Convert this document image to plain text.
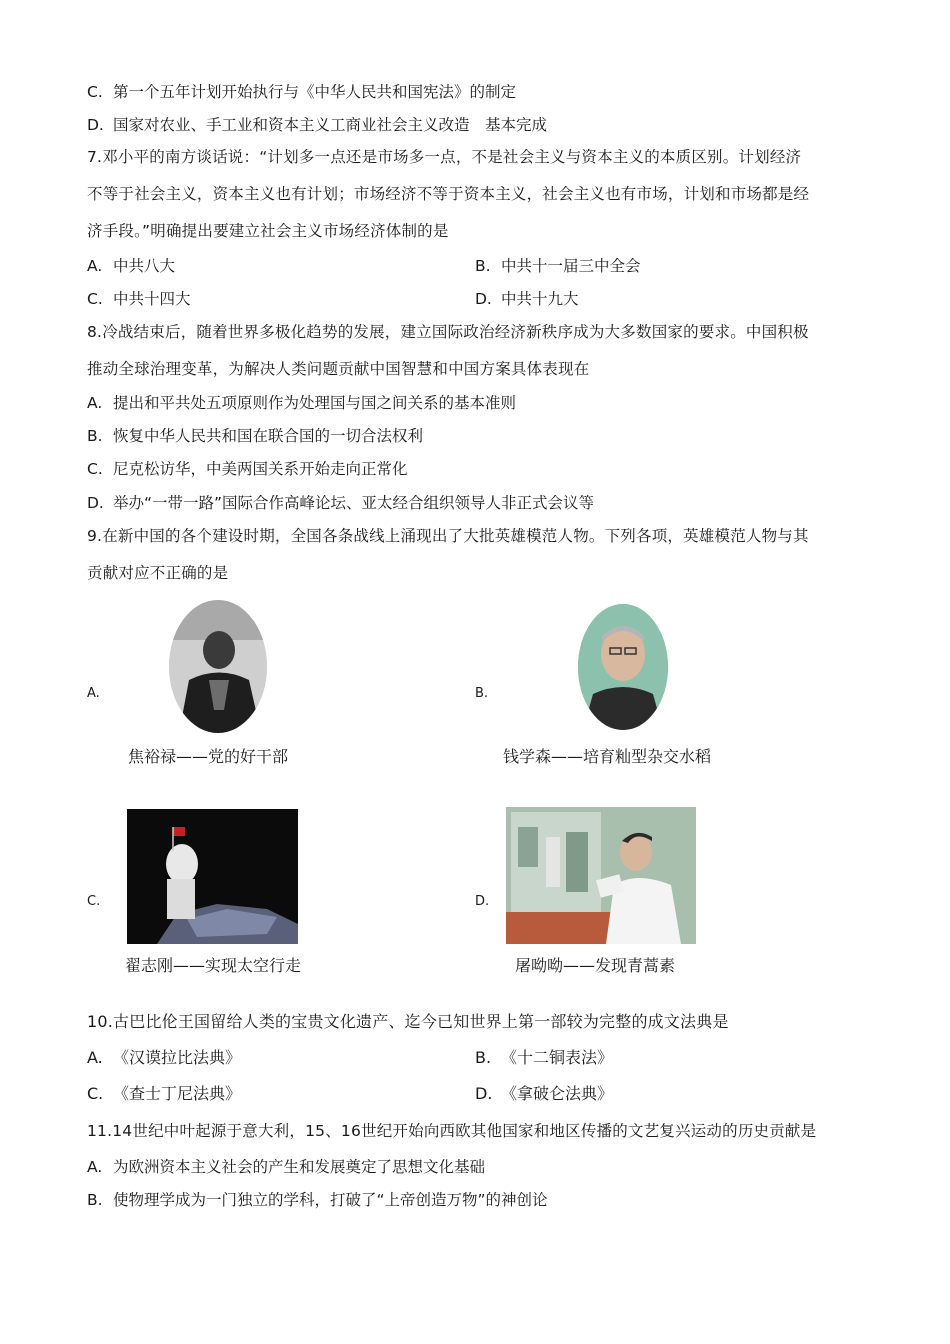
C. 第一个五年计划开始执行与《中华人民共和国宪法》的制定
D. 国家对农业、手工业和资本主义工商业社会主义改造　基本完成
7.邓小平的南方谈话说：“计划多一点还是市场多一点，不是社会主义与资本主义的本质区别。计划经济
不等于社会主义，资本主义也有计划；市场经济不等于资本主义，社会主义也有市场，计划和市场都是经
济手段。”明确提出要建立社会主义市场经济体制的是
A. 中共八大	B. 中共十一届三中全会
C. 中共十四大	D. 中共十九大
8.冷战结束后，随着世界多极化趋势的发展，建立国际政治经济新秩序成为大多数国家的要求。中国积极
推动全球治理变革，为解决人类问题贡献中国智慧和中国方案具体表现在
A. 提出和平共处五项原则作为处理国与国之间关系的基本准则
B. 恢复中华人民共和国在联合国的一切合法权利
C. 尼克松访华，中美两国关系开始走向正常化
D. 举办“一带一路”国际合作高峰论坛、亚太经合组织领导人非正式会议等
9.在新中国的各个建设时期，全国各条战线上涌现出了大批英雄模范人物。下列各项，英雄模范人物与其
贡献对应不正确的是
A.
焦裕禄——党的好干部
B.
钱学森——培育籼型杂交水稻
C.
翟志刚——实现太空行走
D.
屠呦呦——发现青蒿素
10.古巴比伦王国留给人类的宝贵文化遗产、迄今已知世界上第一部较为完整的成文法典是
A. 《汉谟拉比法典》	B. 《十二铜表法》
C. 《查士丁尼法典》	D. 《拿破仑法典》
11.14世纪中叶起源于意大利，15、16世纪开始向西欧其他国家和地区传播的文艺复兴运动的历史贡献是
A. 为欧洲资本主义社会的产生和发展奠定了思想文化基础
B. 使物理学成为一门独立的学科，打破了“上帝创造万物”的神创论
